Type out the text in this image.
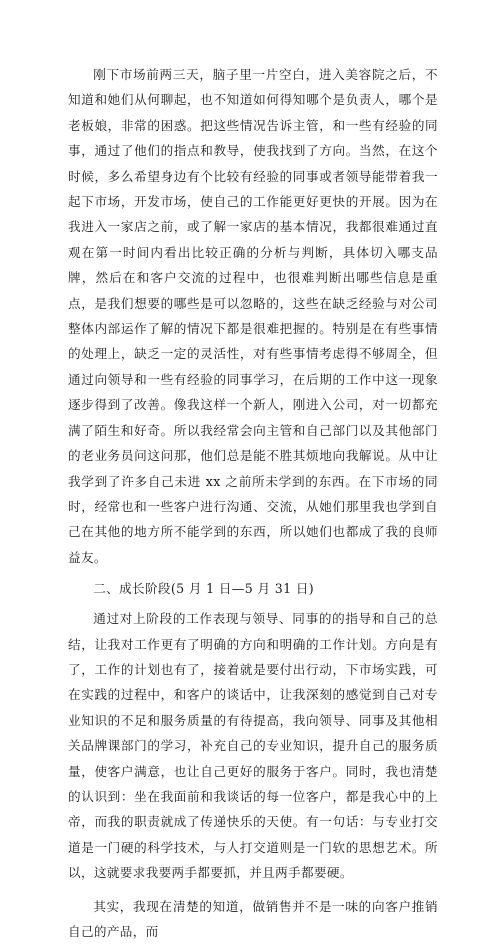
刚下市场前两三天，脑子里一片空白，进入美容院之后，不知道和她们从何聊起，也不知道如何得知哪个是负责人，哪个是老板娘，非常的困惑。把这些情况告诉主管，和一些有经验的同事，通过了他们的指点和教导，使我找到了方向。当然，在这个时候，多么希望身边有个比较有经验的同事或者领导能带着我一起下市场，开发市场，使自己的工作能更好更快的开展。因为在我进入一家店之前，或了解一家店的基本情况，我都很难通过直观在第一时间内看出比较正确的分析与判断，具体切入哪支品牌，然后在和客户交流的过程中，也很难判断出哪些信息是重点，是我们想要的哪些是可以忽略的，这些在缺乏经验与对公司整体内部运作了解的情况下都是很难把握的。特别是在有些事情的处理上，缺乏一定的灵活性，对有些事情考虑得不够周全，但通过向领导和一些有经验的同事学习，在后期的工作中这一现象逐步得到了改善。像我这样一个新人，刚进入公司，对一切都充满了陌生和好奇。所以我经常会向主管和自己部门以及其他部门的老业务员问这问那，他们总是能不胜其烦地向我解说。从中让我学到了许多自己未进 xx 之前所未学到的东西。在下市场的同时，经常也和一些客户进行沟通、交流，从她们那里我也学到自己在其他的地方所不能学到的东西，所以她们也都成了我的良师益友。

二、成长阶段(5 月 1 日—5 月 31 日)

通过对上阶段的工作表现与领导、同事的的指导和自己的总结，让我对工作更有了明确的方向和明确的工作计划。方向是有了，工作的计划也有了，接着就是要付出行动，下市场实践，可在实践的过程中，和客户的谈话中，让我深刻的感觉到自己对专业知识的不足和服务质量的有待提高，我向领导、同事及其他相关品牌课部门的学习，补充自己的专业知识，提升自己的服务质量，使客户满意，也让自己更好的服务于客户。同时，我也清楚的认识到：坐在我面前和我谈话的每一位客户，都是我心中的上帝，而我的职责就成了传递快乐的天使。有一句话：与专业打交道是一门硬的科学技术，与人打交道则是一门软的思想艺术。所以，这就要求我要两手都要抓，并且两手都要硬。

其实，我现在清楚的知道，做销售并不是一味的向客户推销自己的产品，而
